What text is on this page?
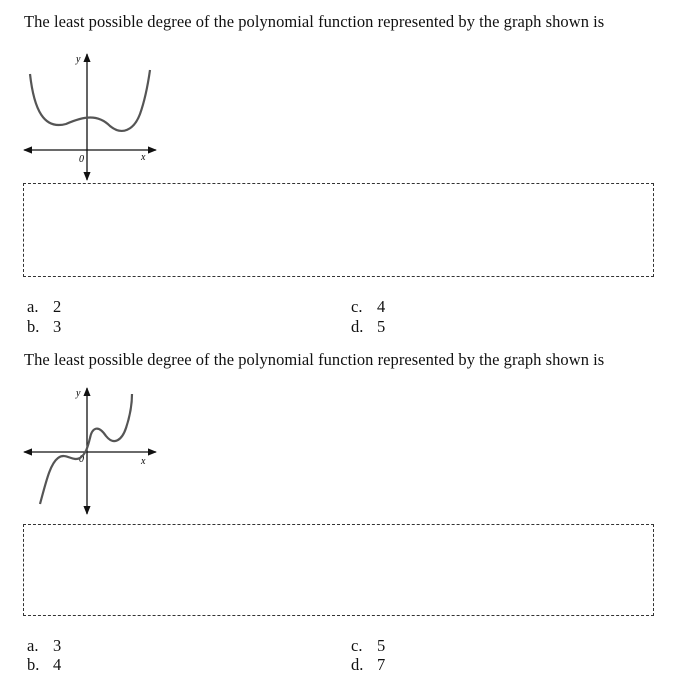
The least possible degree of the polynomial function represented by the graph shown is
y
x
0
a. 2
b. 3
c. 4
d. 5
The least possible degree of the polynomial function represented by the graph shown is
y
x
0
a. 3
b. 4
c. 5
d. 7
